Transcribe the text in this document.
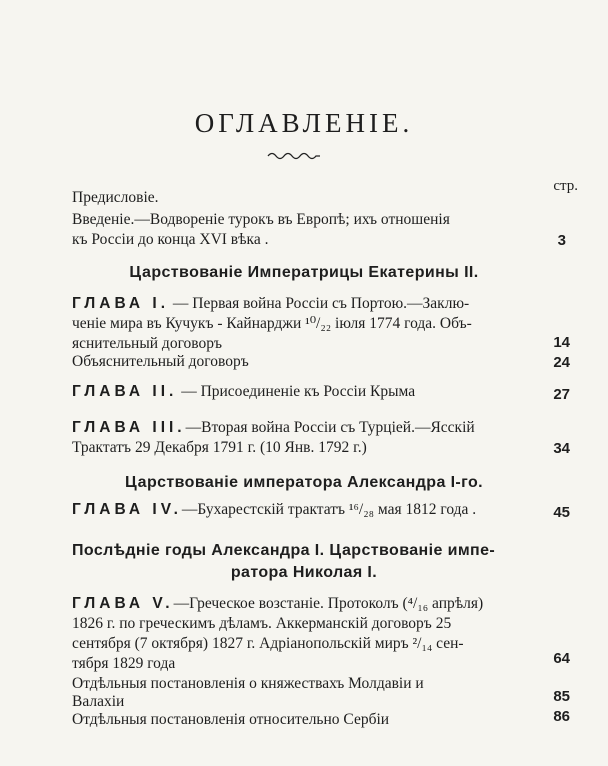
ОГЛАВЛЕНIЕ.
стр.
Предисловіе.
Введеніе.—Водвореніе турокъ въ Европѣ; ихъ отношенія
къ Россіи до конца XVI вѣка .	3
Царствованіе Императрицы Екатерины II.
ГЛАВА I. — Первая война Россіи съ Портою.—Заклю-
ченіе мира въ Кучукъ - Кайнарджи ¹⁰/₂₂ іюля 1774 года. Объ-
яснительный договоръ	14
Объяснительный договоръ	24
ГЛАВА II. — Присоединеніе къ Россіи Крыма	27
ГЛАВА III.—Вторая война Россіи съ Турціей.—Ясскій
Трактатъ 29 Декабря 1791 г. (10 Янв. 1792 г.)	34
Царствованіе императора Александра I-го.
ГЛАВА IV.—Бухарестскій трактатъ ¹⁶/₂₈ мая 1812 года .	45
Послѣдніе годы Александра I. Царствованіе импе-
ратора Николая I.
ГЛАВА V.—Греческое возстаніе. Протоколъ (⁴/₁₆ апрѣля)
1826 г. по греческимъ дѣламъ. Аккерманскій договоръ 25
сентября (7 октября) 1827 г. Адріанопольскій миръ ²/₁₄ сен-
тября 1829 года	64
Отдѣльныя постановленія о княжествахъ Молдавіи и
Валахіи	85
Отдѣльныя постановленія относительно Сербіи	86
